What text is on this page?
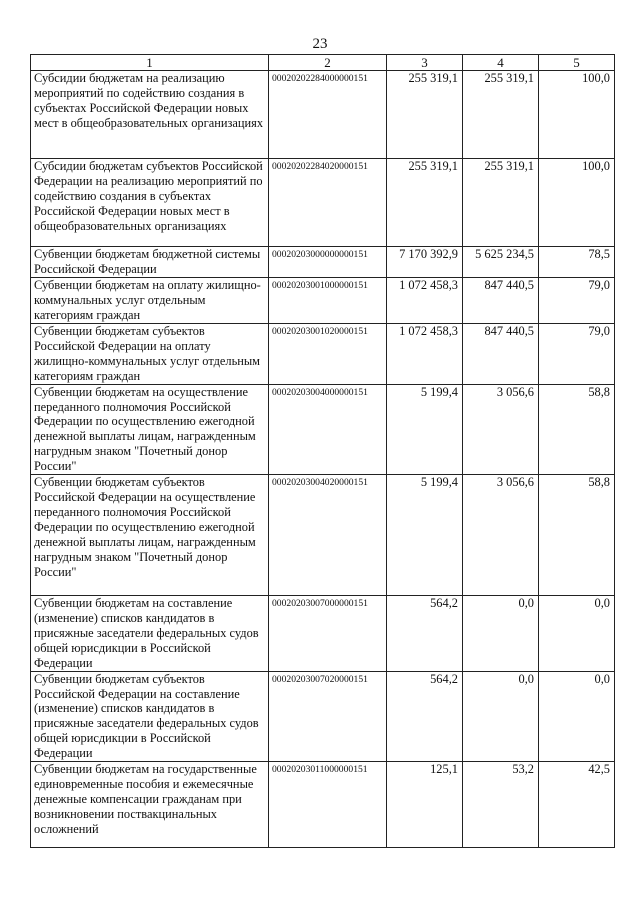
23
1	2	3	4	5
Субсидии бюджетам на реализацию мероприятий по содействию создания в субъектах Российской Федерации новых мест в общеобразовательных организациях	00020202284000000151	255 319,1	255 319,1	100,0
Субсидии бюджетам субъектов Российской Федерации на реализацию мероприятий по содействию создания в субъектах Российской Федерации новых мест в общеобразовательных организациях	00020202284020000151	255 319,1	255 319,1	100,0
Субвенции бюджетам бюджетной системы Российской Федерации	00020203000000000151	7 170 392,9	5 625 234,5	78,5
Субвенции бюджетам на оплату жилищно-коммунальных услуг отдельным категориям граждан	00020203001000000151	1 072 458,3	847 440,5	79,0
Субвенции бюджетам субъектов Российской Федерации на оплату жилищно-коммунальных услуг отдельным категориям граждан	00020203001020000151	1 072 458,3	847 440,5	79,0
Субвенции бюджетам на осуществление переданного полномочия Российской Федерации по осуществлению ежегодной денежной выплаты лицам, награжденным нагрудным знаком "Почетный донор России"	00020203004000000151	5 199,4	3 056,6	58,8
Субвенции бюджетам субъектов Российской Федерации на осуществление переданного полномочия Российской Федерации по осуществлению ежегодной денежной выплаты лицам, награжденным нагрудным знаком "Почетный донор России"	00020203004020000151	5 199,4	3 056,6	58,8
Субвенции бюджетам на составление (изменение) списков кандидатов в присяжные заседатели федеральных судов общей юрисдикции в Российской Федерации	00020203007000000151	564,2	0,0	0,0
Субвенции бюджетам субъектов Российской Федерации на составление (изменение) списков кандидатов в присяжные заседатели федеральных судов общей юрисдикции в Российской Федерации	00020203007020000151	564,2	0,0	0,0
Субвенции бюджетам на государственные единовременные пособия и ежемесячные денежные компенсации гражданам при возникновении поствакцинальных осложнений	00020203011000000151	125,1	53,2	42,5
